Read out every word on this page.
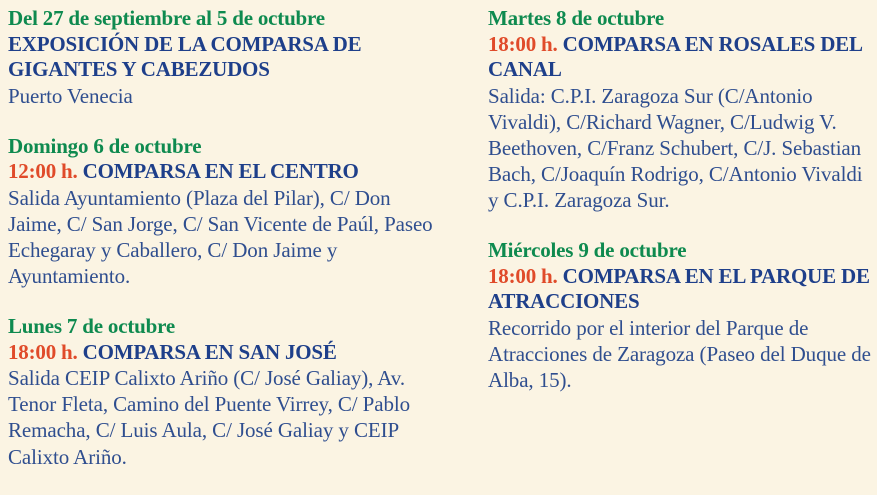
Del 27 de septiembre al 5 de octubre
EXPOSICIÓN DE LA COMPARSA DE GIGANTES Y CABEZUDOS
Puerto Venecia
Domingo 6 de octubre
12:00 h. COMPARSA EN EL CENTRO
Salida Ayuntamiento (Plaza del Pilar), C/ Don Jaime, C/ San Jorge, C/ San Vicente de Paúl, Paseo Echegaray y Caballero, C/ Don Jaime y Ayuntamiento.
Lunes 7 de octubre
18:00 h. COMPARSA EN SAN JOSÉ
Salida CEIP Calixto Ariño (C/ José Galiay), Av. Tenor Fleta, Camino del Puente Virrey, C/ Pablo Remacha, C/ Luis Aula, C/ José Galiay y CEIP Calixto Ariño.
Martes 8 de octubre
18:00 h. COMPARSA EN ROSALES DEL CANAL
Salida: C.P.I. Zaragoza Sur (C/Antonio Vivaldi), C/Richard Wagner, C/Ludwig V. Beethoven, C/Franz Schubert, C/J. Sebastian Bach, C/Joaquín Rodrigo, C/Antonio Vivaldi y C.P.I. Zaragoza Sur.
Miércoles 9 de octubre
18:00 h. COMPARSA EN EL PARQUE DE ATRACCIONES
Recorrido por el interior del Parque de Atracciones de Zaragoza (Paseo del Duque de Alba, 15).
